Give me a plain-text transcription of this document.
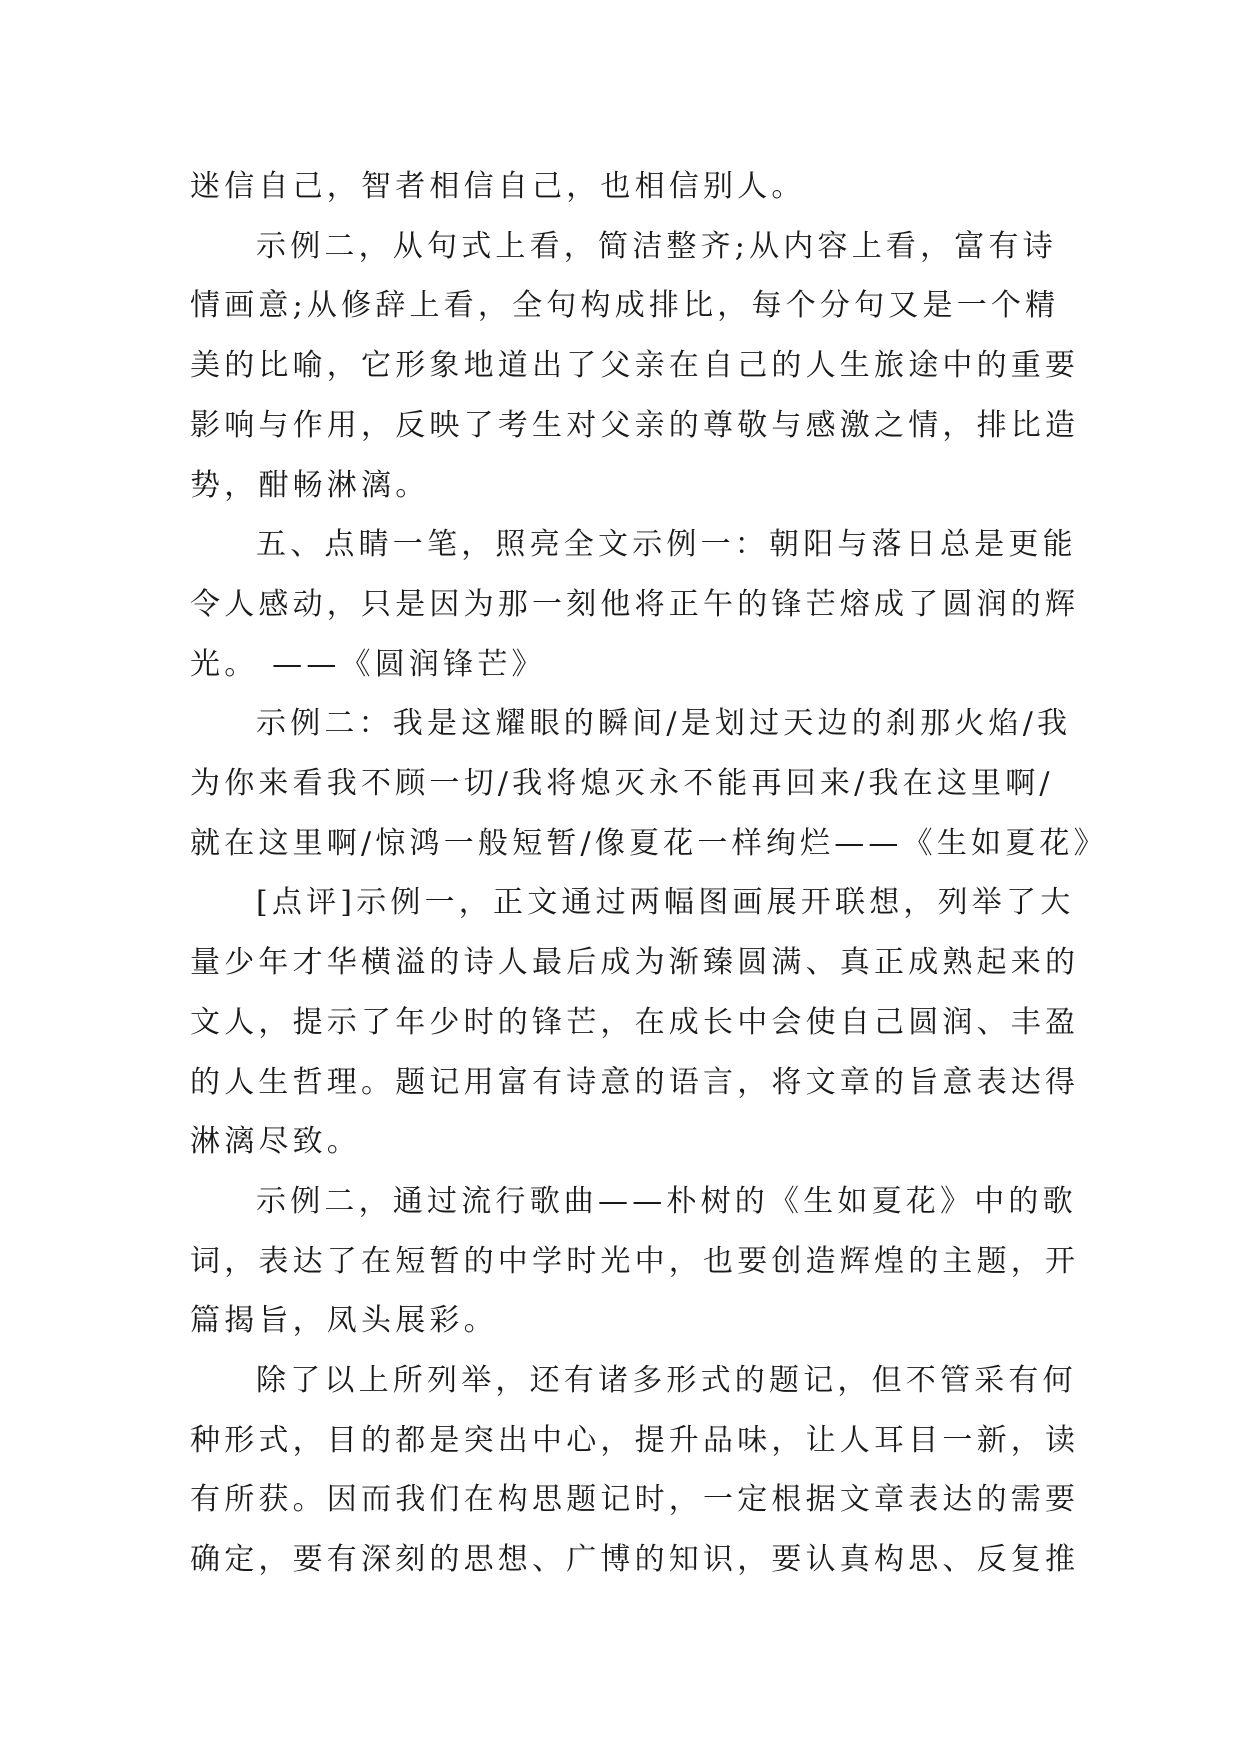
迷信自己，智者相信自己，也相信别人。

示例二，从句式上看，简洁整齐;从内容上看，富有诗
情画意;从修辞上看，全句构成排比，每个分句又是一个精
美的比喻，它形象地道出了父亲在自己的人生旅途中的重要
影响与作用，反映了考生对父亲的尊敬与感激之情，排比造
势，酣畅淋漓。

五、点睛一笔，照亮全文示例一：朝阳与落日总是更能
令人感动，只是因为那一刻他将正午的锋芒熔成了圆润的辉
光。 ——《圆润锋芒》

示例二：我是这耀眼的瞬间/是划过天边的刹那火焰/我
为你来看我不顾一切/我将熄灭永不能再回来/我在这里啊/
就在这里啊/惊鸿一般短暂/像夏花一样绚烂——《生如夏花》

[点评]示例一，正文通过两幅图画展开联想，列举了大
量少年才华横溢的诗人最后成为渐臻圆满、真正成熟起来的
文人，提示了年少时的锋芒，在成长中会使自己圆润、丰盈
的人生哲理。题记用富有诗意的语言，将文章的旨意表达得
淋漓尽致。

示例二，通过流行歌曲——朴树的《生如夏花》中的歌
词，表达了在短暂的中学时光中，也要创造辉煌的主题，开
篇揭旨，凤头展彩。

除了以上所列举，还有诸多形式的题记，但不管采有何
种形式，目的都是突出中心，提升品味，让人耳目一新，读
有所获。因而我们在构思题记时，一定根据文章表达的需要
确定，要有深刻的思想、广博的知识，要认真构思、反复推
